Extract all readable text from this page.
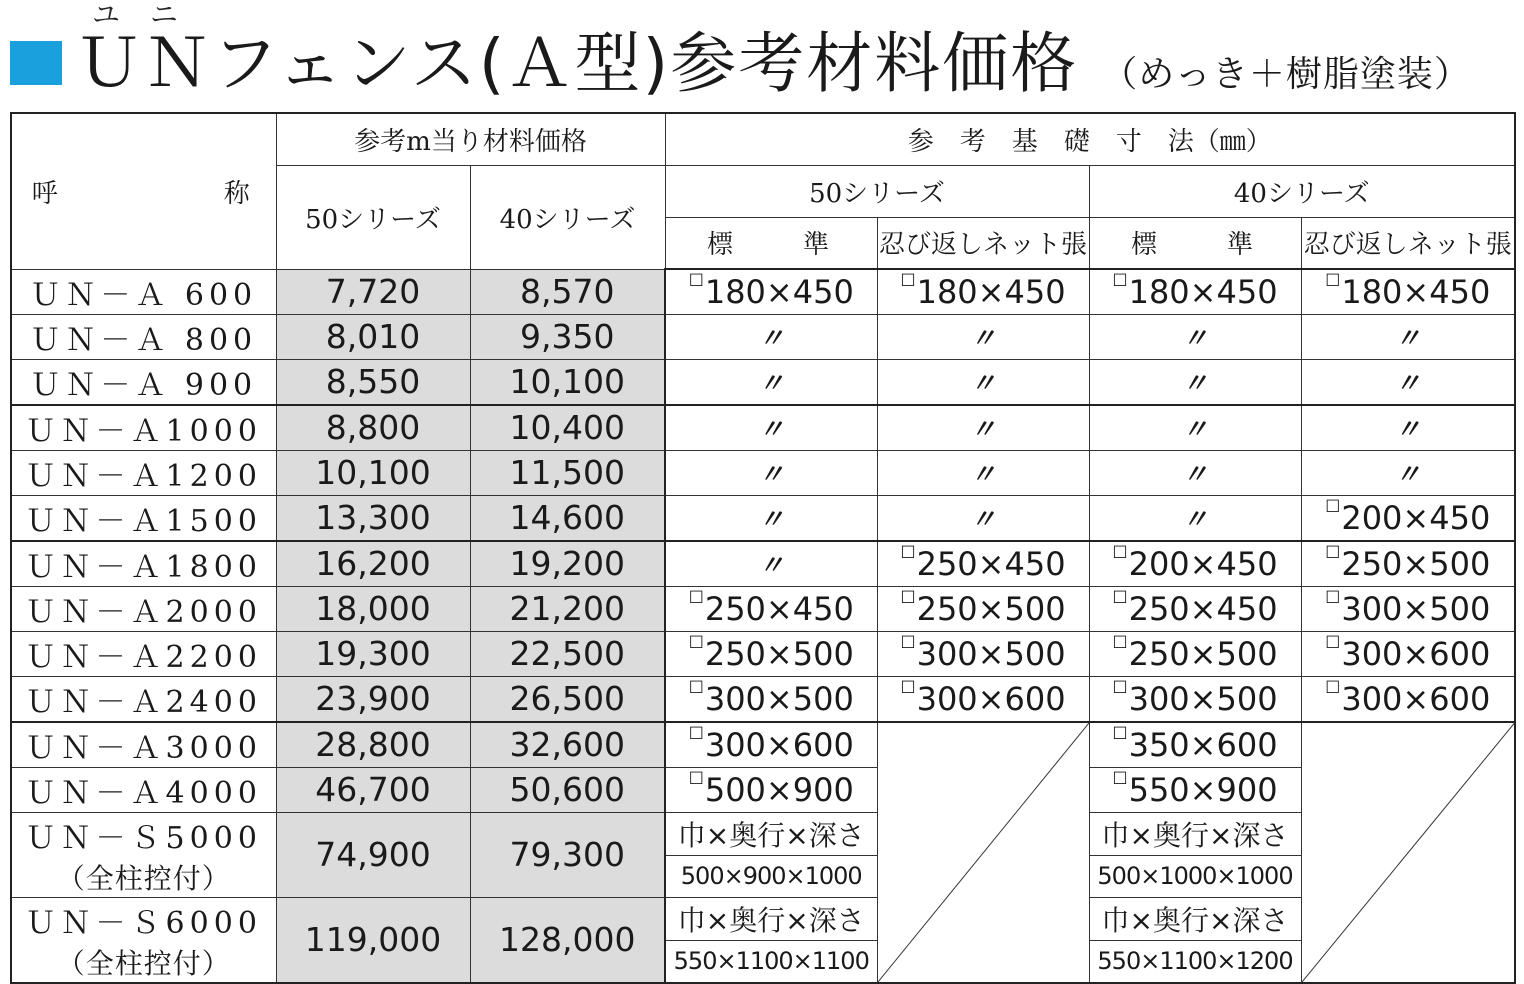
ユ ニ
ＵＮフェンス(Ａ型)参考材料価格 （めっき＋樹脂塗装）
呼　　　　　称	参考m当り材料価格		参　考　基　礎　寸　法（㎜）			
	50シリーズ	40シリーズ	50シリーズ		40シリーズ	
			標　　準	忍び返しネット張	標　　準	忍び返しネット張
ＵＮ－Ａ 600	7,720	8,570	□180×450	□180×450	□180×450	□180×450
ＵＮ－Ａ 800	8,010	9,350	〃	〃	〃	〃
ＵＮ－Ａ 900	8,550	10,100	〃	〃	〃	〃
ＵＮ－Ａ1000	8,800	10,400	〃	〃	〃	〃
ＵＮ－Ａ1200	10,100	11,500	〃	〃	〃	〃
ＵＮ－Ａ1500	13,300	14,600	〃	〃	〃	□200×450
ＵＮ－Ａ1800	16,200	19,200	〃	□250×450	□200×450	□250×500
ＵＮ－Ａ2000	18,000	21,200	□250×450	□250×500	□250×450	□300×500
ＵＮ－Ａ2200	19,300	22,500	□250×500	□300×500	□250×500	□300×600
ＵＮ－Ａ2400	23,900	26,500	□300×500	□300×600	□300×500	□300×600
ＵＮ－Ａ3000	28,800	32,600	□300×600		□350×600	

ＵＮ－Ａ4000	46,700	50,600	□500×900		□550×900	
ＵＮ－Ｓ5000
（全柱控付）	74,900	79,300	巾×奥行×深さ		巾×奥行×深さ	
			500×900×1000		500×1000×1000	
ＵＮ－Ｓ6000
（全柱控付）	119,000	128,000	巾×奥行×深さ		巾×奥行×深さ	
			550×1100×1100		550×1100×1200	
